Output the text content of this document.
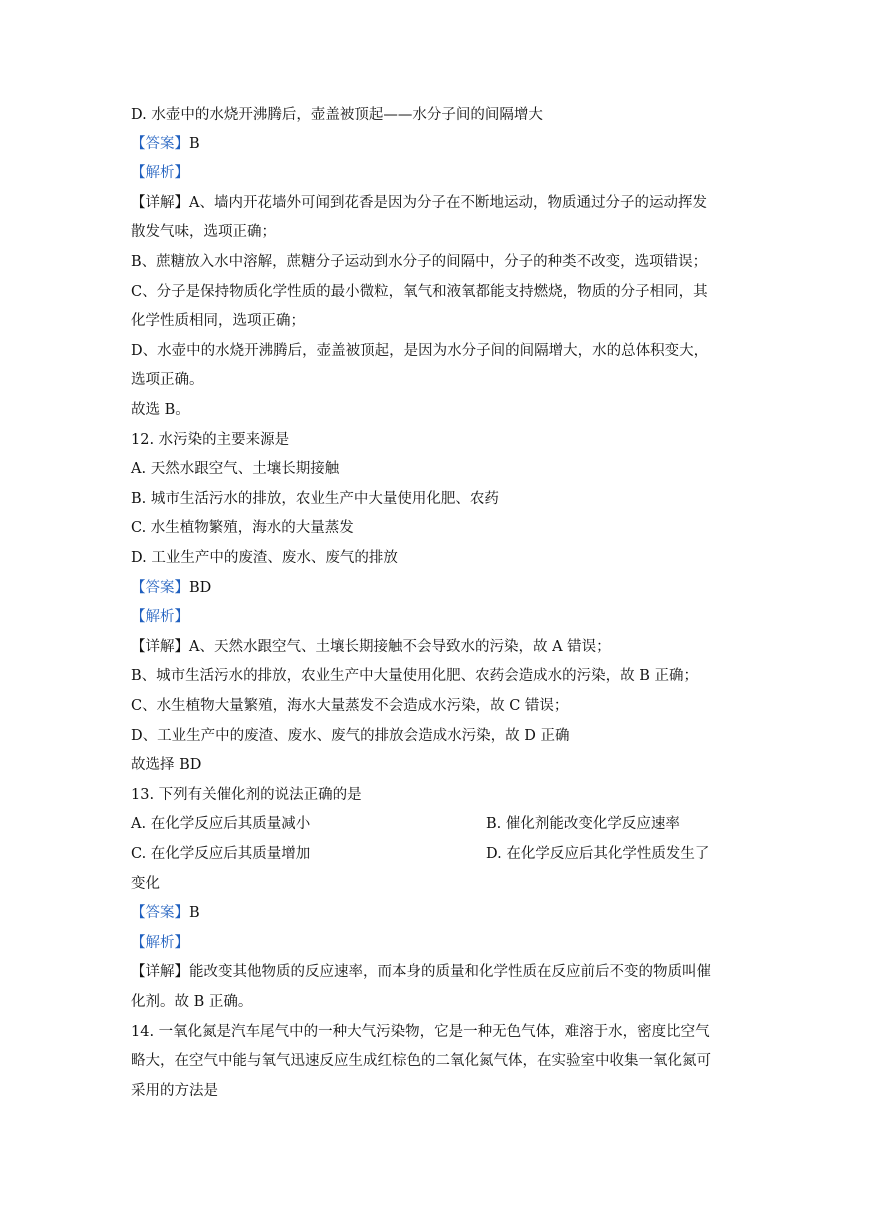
D. 水壶中的水烧开沸腾后，壶盖被顶起——水分子间的间隔增大
【答案】B
【解析】
【详解】A、墙内开花墙外可闻到花香是因为分子在不断地运动，物质通过分子的运动挥发
散发气味，选项正确；
B、蔗糖放入水中溶解，蔗糖分子运动到水分子的间隔中，分子的种类不改变，选项错误；
C、分子是保持物质化学性质的最小微粒，氧气和液氧都能支持燃烧，物质的分子相同，其
化学性质相同，选项正确；
D、水壶中的水烧开沸腾后，壶盖被顶起，是因为水分子间的间隔增大，水的总体积变大，
选项正确。
故选 B。
12. 水污染的主要来源是
A. 天然水跟空气、土壤长期接触
B. 城市生活污水的排放，农业生产中大量使用化肥、农药
C. 水生植物繁殖，海水的大量蒸发
D. 工业生产中的废渣、废水、废气的排放
【答案】BD
【解析】
【详解】A、天然水跟空气、土壤长期接触不会导致水的污染，故 A 错误；
B、城市生活污水的排放，农业生产中大量使用化肥、农药会造成水的污染，故 B 正确；
C、水生植物大量繁殖，海水大量蒸发不会造成水污染，故 C 错误；
D、工业生产中的废渣、废水、废气的排放会造成水污染，故 D 正确
故选择 BD
13. 下列有关催化剂的说法正确的是
A. 在化学反应后其质量减小	B. 催化剂能改变化学反应速率
C. 在化学反应后其质量增加	D. 在化学反应后其化学性质发生了
变化
【答案】B
【解析】
【详解】能改变其他物质的反应速率，而本身的质量和化学性质在反应前后不变的物质叫催
化剂。故 B 正确。
14. 一氧化氮是汽车尾气中的一种大气污染物，它是一种无色气体，难溶于水，密度比空气
略大，在空气中能与氧气迅速反应生成红棕色的二氧化氮气体，在实验室中收集一氧化氮可
采用的方法是
